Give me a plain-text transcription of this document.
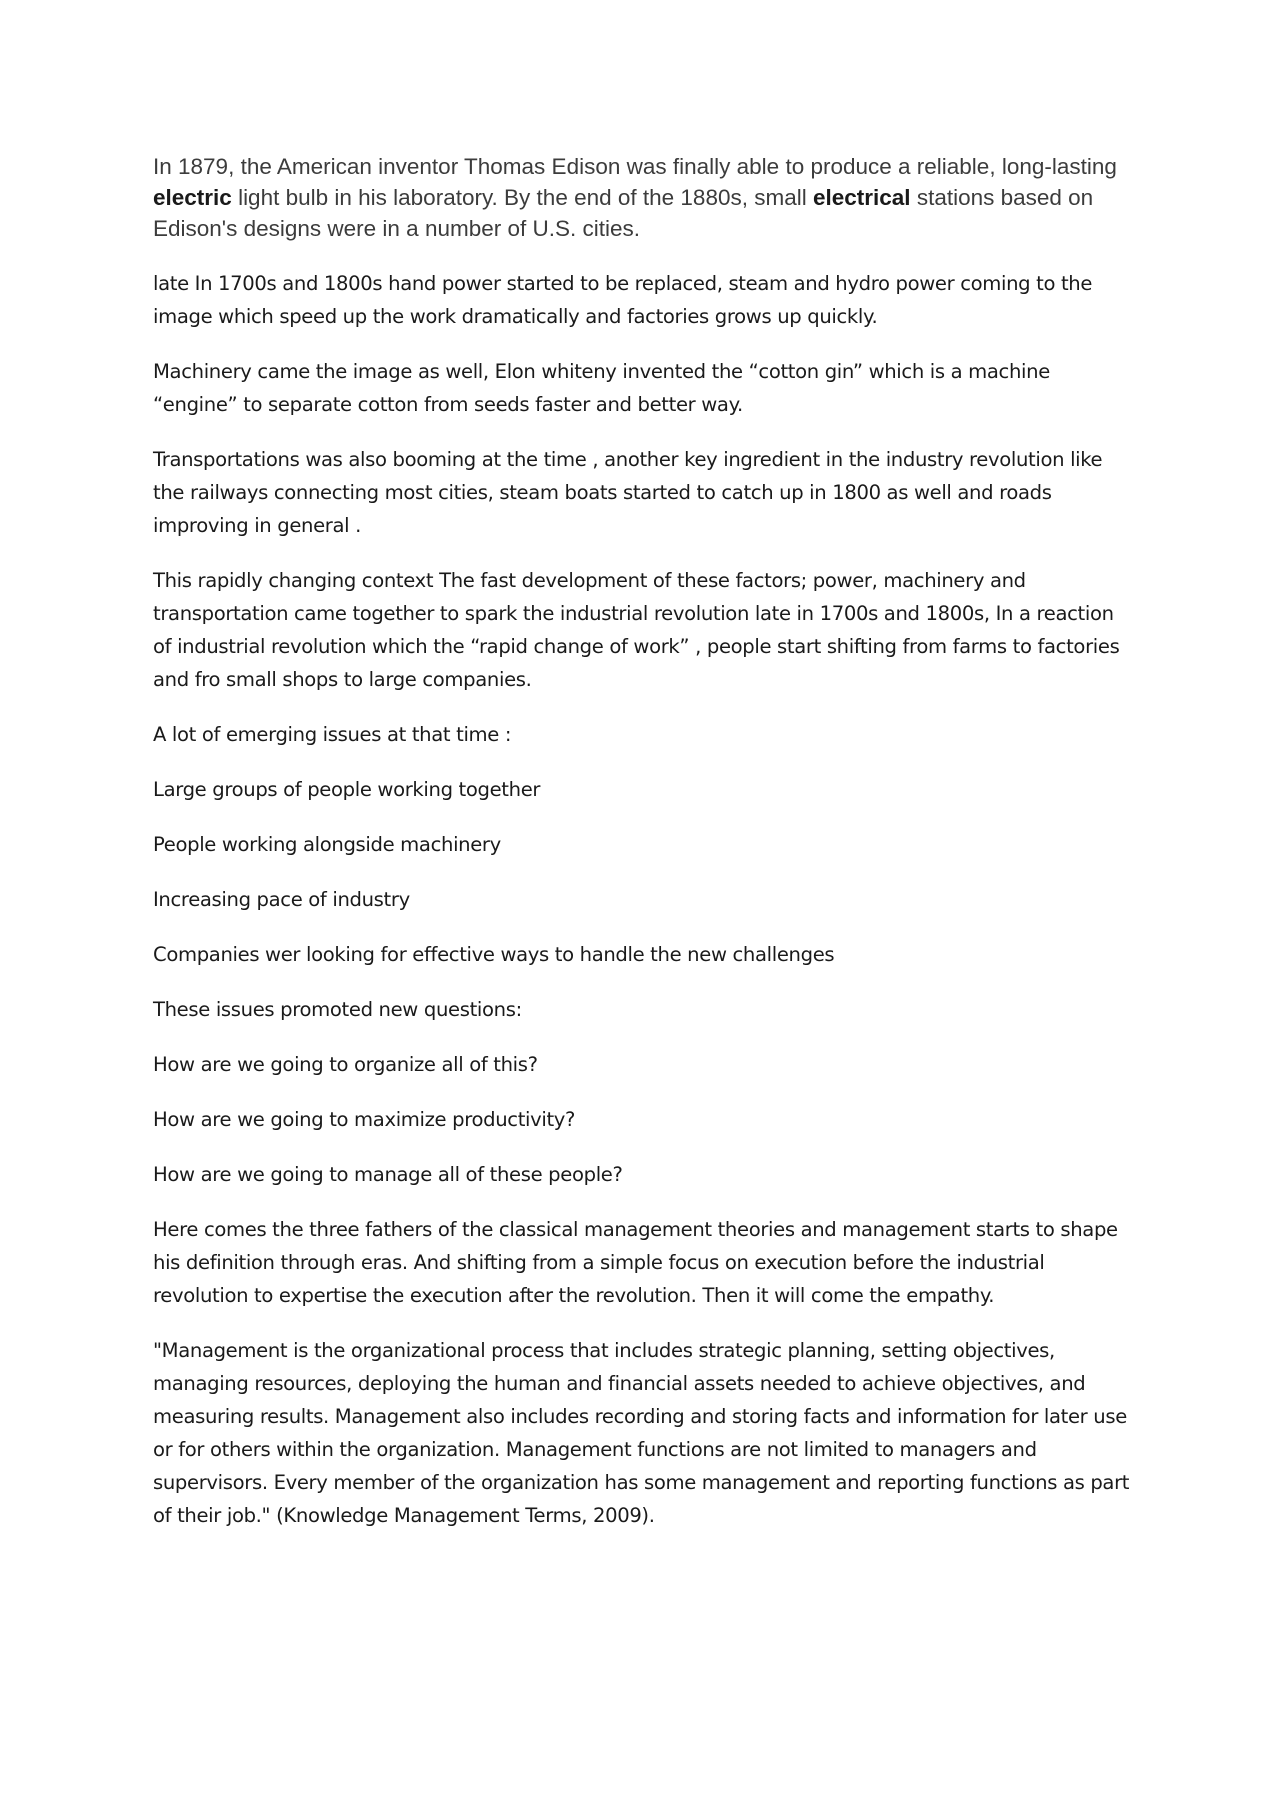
In 1879, the American inventor Thomas Edison was finally able to produce a reliable, long-lasting electric light bulb in his laboratory. By the end of the 1880s, small electrical stations based on Edison's designs were in a number of U.S. cities.

late In 1700s and 1800s hand power started to be replaced, steam and hydro power coming to the image which speed up the work dramatically and factories grows up quickly.

Machinery came the image as well, Elon whiteny invented the “cotton gin” which is a machine “engine” to separate cotton from seeds faster and better way.

Transportations was also booming at the time , another key ingredient in the industry revolution like the railways connecting most cities, steam boats started to catch up in 1800 as well and roads improving in general .

This rapidly changing context The fast development of these factors; power, machinery and transportation came together to spark the industrial revolution late in 1700s and 1800s, In a reaction of industrial revolution which the “rapid change of work” , people start shifting from farms to factories and fro small shops to large companies.

A lot of emerging issues at that time :

Large groups of people working together

People working alongside machinery

Increasing pace of industry

Companies wer looking for effective ways to handle the new challenges

These issues promoted new questions:

How are we going to organize all of this?

How are we going to maximize productivity?

How are we going to manage all of these people?

Here comes the three fathers of the classical management theories and management starts to shape his definition through eras. And shifting from a simple focus on execution before the industrial revolution to expertise the execution after the revolution. Then it will come the empathy.

"Management is the organizational process that includes strategic planning, setting objectives, managing resources, deploying the human and financial assets needed to achieve objectives, and measuring results. Management also includes recording and storing facts and information for later use or for others within the organization. Management functions are not limited to managers and supervisors. Every member of the organization has some management and reporting functions as part of their job." (Knowledge Management Terms, 2009).
